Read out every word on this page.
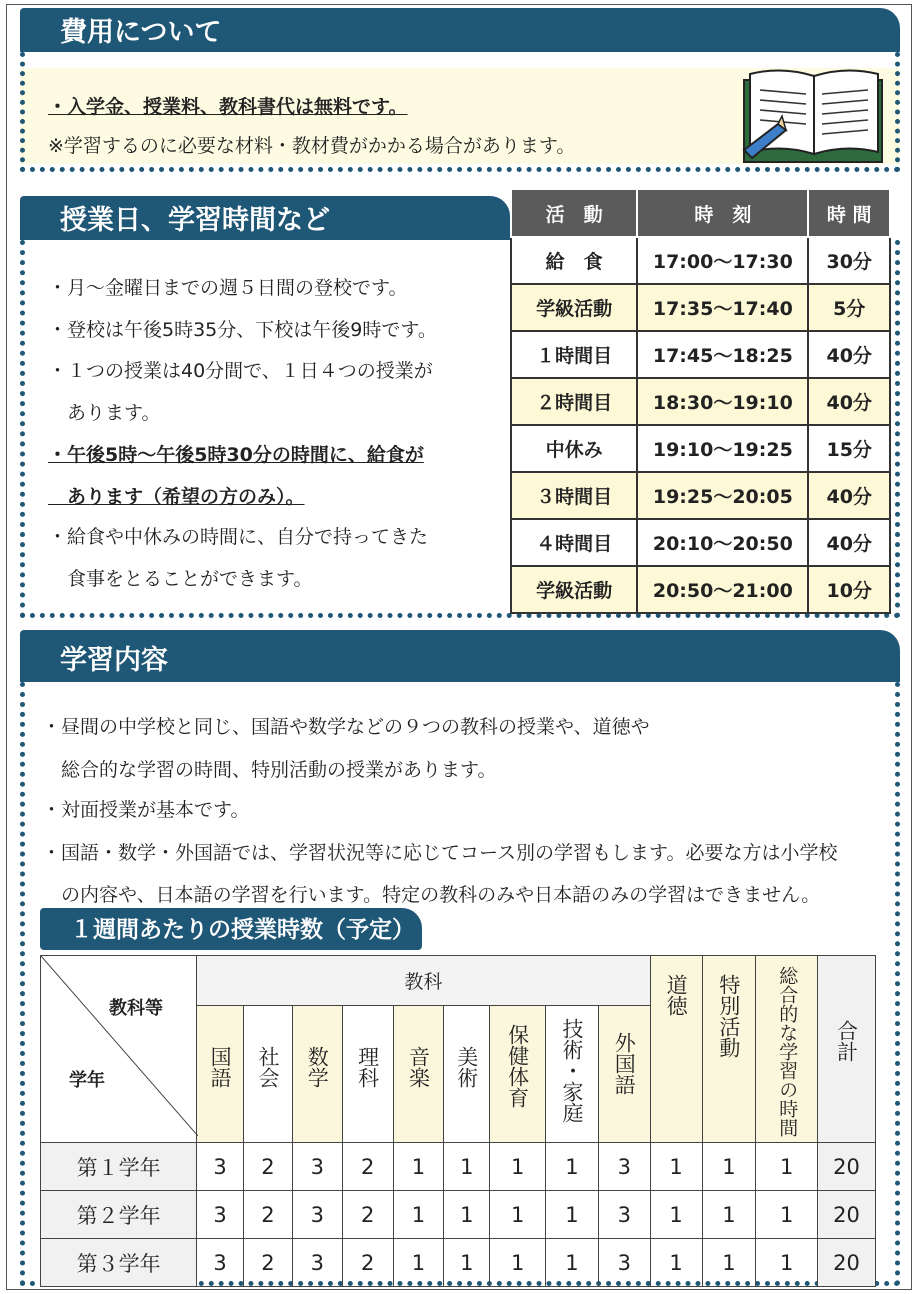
費用について
・入学金、授業料、教科書代は無料です。
※学習するのに必要な材料・教材費がかかる場合があります。
授業日、学習時間など
・月～金曜日までの週５日間の登校です。
・登校は午後5時35分、下校は午後9時です。
・１つの授業は40分間で、１日４つの授業が
　あります。
・午後5時～午後5時30分の時間に、給食が
　あります（希望の方のみ）。
・給食や中休みの時間に、自分で持ってきた
　食事をとることができます。
活　動	時　刻	時 間
給　食	17:00～17:30	30分
学級活動	17:35～17:40	5分
１時間目	17:45～18:25	40分
２時間目	18:30～19:10	40分
中休み	19:10～19:25	15分
３時間目	19:25～20:05	40分
４時間目	20:10～20:50	40分
学級活動	20:50～21:00	10分
学習内容
・昼間の中学校と同じ、国語や数学などの９つの教科の授業や、道徳や
　総合的な学習の時間、特別活動の授業があります。
・対面授業が基本です。
・国語・数学・外国語では、学習状況等に応じてコース別の学習もします。必要な方は小学校
　の内容や、日本語の学習を行います。特定の教科のみや日本語のみの学習はできません。
１週間あたりの授業時数（予定）
教科等
学年	教科									道徳	特別活動	総合的な学習の時間	合計
	国語	社会	数学	理科	音楽	美術	保健体育	技術・家庭	外国語				
第１学年	3	2	3	2	1	1	1	1	3	1	1	1	20
第２学年	3	2	3	2	1	1	1	1	3	1	1	1	20
第３学年	3	2	3	2	1	1	1	1	3	1	1	1	20
